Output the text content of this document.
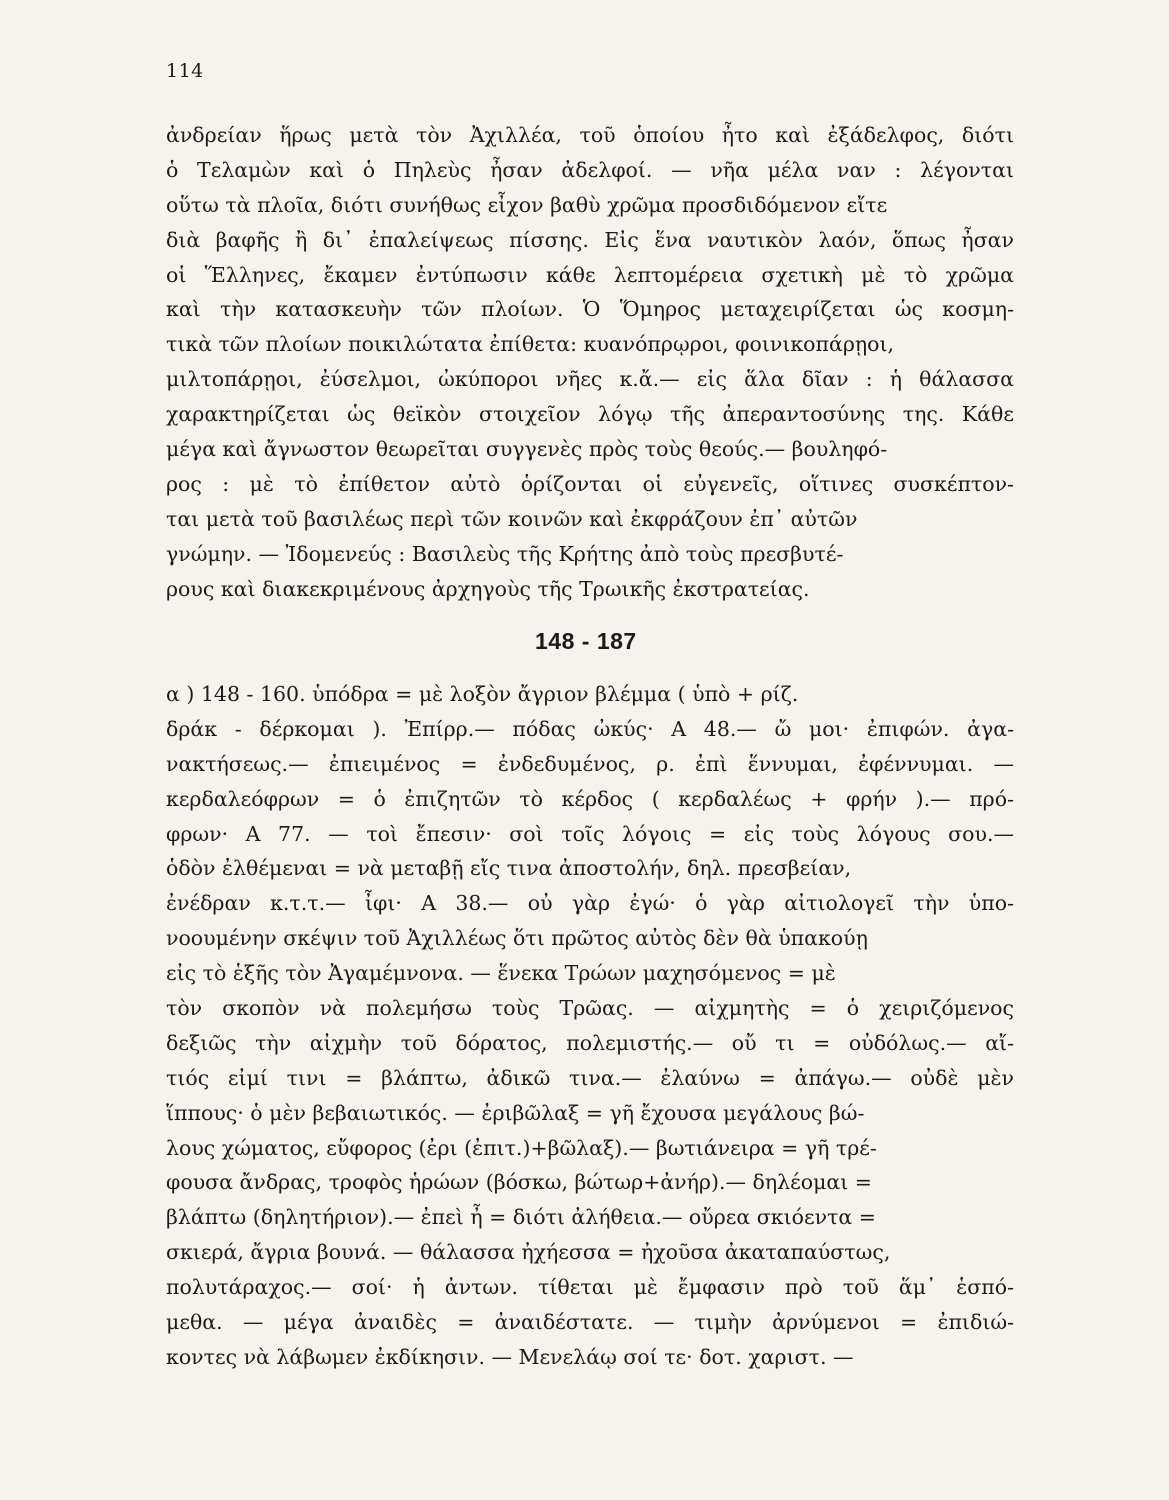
114
ἀνδρείαν ἥρως μετὰ τὸν Ἀχιλλέα, τοῦ ὁποίου ἦτο καὶ ἐξάδελφος, διότι
ὁ Τελαμὼν καὶ ὁ Πηλεὺς ἦσαν ἀδελφοί. — νῆα μέλα ναν : λέγονται
οὕτω τὰ πλοῖα, διότι συνήθως εἶχον βαθὺ χρῶμα προσδιδόμενον εἴτε
διὰ βαφῆς ἢ δι᾿ ἐπαλείψεως πίσσης. Εἰς ἕνα ναυτικὸν λαόν, ὅπως ἦσαν
οἱ Ἕλληνες, ἔκαμεν ἐντύπωσιν κάθε λεπτομέρεια σχετικὴ μὲ τὸ χρῶμα
καὶ τὴν κατασκευὴν τῶν πλοίων. Ὁ Ὅμηρος μεταχειρίζεται ὡς κοσμη-
τικὰ τῶν πλοίων ποικιλώτατα ἐπίθετα: κυανόπρῳροι, φοινικοπάρῃοι,
μιλτοπάρῃοι, ἐύσελμοι, ὠκύποροι νῆες κ.ἄ.— εἰς ἅλα δῖαν : ἡ θάλασσα
χαρακτηρίζεται ὡς θεϊκὸν στοιχεῖον λόγῳ τῆς ἀπεραντοσύνης της. Κάθε
μέγα καὶ ἄγνωστον θεωρεῖται συγγενὲς πρὸς τοὺς θεούς.— βουληφό-
ρος : μὲ τὸ ἐπίθετον αὐτὸ ὁρίζονται οἱ εὐγενεῖς, οἵτινες συσκέπτον-
ται μετὰ τοῦ βασιλέως περὶ τῶν κοινῶν καὶ ἐκφράζουν ἐπ᾿ αὐτῶν
γνώμην. — Ἰδομενεύς : Βασιλεὺς τῆς Κρήτης ἀπὸ τοὺς πρεσβυτέ-
ρους καὶ διακεκριμένους ἀρχηγοὺς τῆς Τρωικῆς ἐκστρατείας.
148 - 187
α ) 148 - 160. ὑπόδρα = μὲ λοξὸν ἄγριον βλέμμα ( ὑπὸ + ρίζ.
δράκ - δέρκομαι ). Ἐπίρρ.— πόδας ὠκύς· Α 48.— ὤ μοι· ἐπιφών. ἀγα-
νακτήσεως.— ἐπιειμένος = ἐνδεδυμένος, ρ. ἐπὶ ἕννυμαι, ἐφέννυμαι. —
κερδαλεόφρων = ὁ ἐπιζητῶν τὸ κέρδος ( κερδαλέως + φρήν ).— πρό-
φρων· Α 77. — τοὶ ἔπεσιν· σοὶ τοῖς λόγοις = εἰς τοὺς λόγους σου.—
ὁδὸν ἐλθέμεναι = νὰ μεταβῇ εἴς τινα ἀποστολήν, δηλ. πρεσβείαν,
ἐνέδραν κ.τ.τ.— ἶφι· Α 38.— οὐ γὰρ ἐγώ· ὁ γὰρ αἰτιολογεῖ τὴν ὑπο-
νοουμένην σκέψιν τοῦ Ἀχιλλέως ὅτι πρῶτος αὐτὸς δὲν θὰ ὑπακούῃ
εἰς τὸ ἑξῆς τὸν Ἀγαμέμνονα. — ἕνεκα Τρώων μαχησόμενος = μὲ
τὸν σκοπὸν νὰ πολεμήσω τοὺς Τρῶας. — αἰχμητὴς = ὁ χειριζόμενος
δεξιῶς τὴν αἰχμὴν τοῦ δόρατος, πολεμιστής.— οὔ τι = οὐδόλως.— αἴ-
τιός εἰμί τινι = βλάπτω, ἀδικῶ τινα.— ἐλαύνω = ἀπάγω.— οὐδὲ μὲν
ἵππους· ὁ μὲν βεβαιωτικός. — ἐριβῶλαξ = γῆ ἔχουσα μεγάλους βώ-
λους χώματος, εὔφορος (ἐρι (ἐπιτ.)+βῶλαξ).— βωτιάνειρα = γῆ τρέ-
φουσα ἄνδρας, τροφὸς ἡρώων (βόσκω, βώτωρ+ἀνήρ).— δηλέομαι =
βλάπτω (δηλητήριον).— ἐπεὶ ἦ = διότι ἀλήθεια.— οὔρεα σκιόεντα =
σκιερά, ἄγρια βουνά. — θάλασσα ἠχήεσσα = ἠχοῦσα ἀκαταπαύστως,
πολυτάραχος.— σοί· ἡ ἀντων. τίθεται μὲ ἔμφασιν πρὸ τοῦ ἅμ᾿ ἑσπό-
μεθα. — μέγα ἀναιδὲς = ἀναιδέστατε. — τιμὴν ἀρνύμενοι = ἐπιδιώ-
κοντες νὰ λάβωμεν ἐκδίκησιν. — Μενελάῳ σοί τε· δοτ. χαριστ. —
